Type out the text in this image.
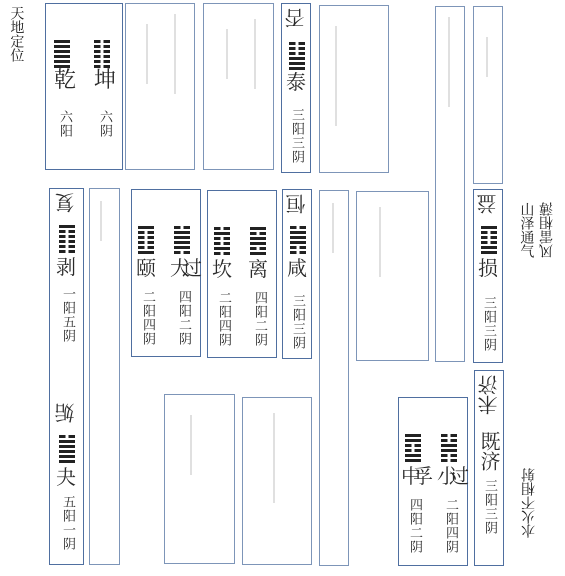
天地定位
山泽通气 风雷相薄
水火不相射
乾
六阳
坤
六阴
否
泰
三阳三阴
复
剥
一阳五阴
姤
夬
五阳一阴
颐
二阳四阴
大过
四阳二阴
坎
二阳四阴
离
四阳二阴
恒
咸
三阳三阴
益
损
三阳三阴
中孚
四阳二阴
小过
二阳四阴
未济
既济
三阳三阴
